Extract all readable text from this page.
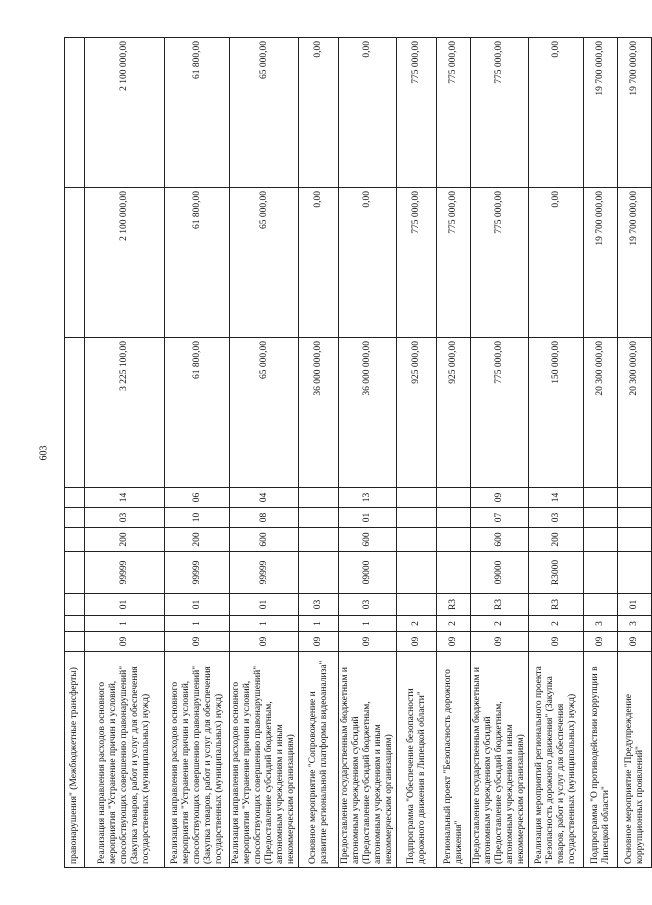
603
правонарушения" (Межбюджетные трансферты)										
Реализация направления расходов основного мероприятия "Устранение причин и условий, способствующих совершению правонарушений" (Закупка товаров, работ и услуг для обеспечения государственных (муниципальных) нужд)	09	1	01	99999	200	03	14	3 225 100,00	2 100 000,00	2 100 000,00
Реализация направления расходов основного мероприятия "Устранение причин и условий, способствующих совершению правонарушений" (Закупка товаров, работ и услуг для обеспечения государственных (муниципальных) нужд)	09	1	01	99999	200	10	06	61 800,00	61 800,00	61 800,00
Реализация направления расходов основного мероприятия "Устранение причин и условий, способствующих совершению правонарушений" (Предоставление субсидий бюджетным, автономным учреждениям и иным некоммерческим организациям)	09	1	01	99999	600	08	04	65 000,00	65 000,00	65 000,00
Основное мероприятие "Сопровождение и развитие региональной платформы видеоанализа"	09	1	03					36 000 000,00	0,00	0,00
Предоставление государственным бюджетным и автономным учреждениям субсидий (Предоставление субсидий бюджетным, автономным учреждениям и иным некоммерческим организациям)	09	1	03	09000	600	01	13	36 000 000,00	0,00	0,00
Подпрограмма "Обеспечение безопасности дорожного движения в Липецкой области"	09	2						925 000,00	775 000,00	775 000,00
Региональный проект "Безопасность дорожного движения"	09	2	R3					925 000,00	775 000,00	775 000,00
Предоставление государственным бюджетным и автономным учреждениям субсидий (Предоставление субсидий бюджетным, автономным учреждениям и иным некоммерческим организациям)	09	2	R3	09000	600	07	09	775 000,00	775 000,00	775 000,00
Реализация мероприятий регионального проекта "Безопасность дорожного движения" (Закупка товаров, работ и услуг для обеспечения государственных (муниципальных) нужд)	09	2	R3	R3000	200	03	14	150 000,00	0,00	0,00
Подпрограмма "О противодействии коррупции в Липецкой области"	09	3						20 300 000,00	19 700 000,00	19 700 000,00
Основное мероприятие "Предупреждение коррупционных проявлений"	09	3	01					20 300 000,00	19 700 000,00	19 700 000,00
